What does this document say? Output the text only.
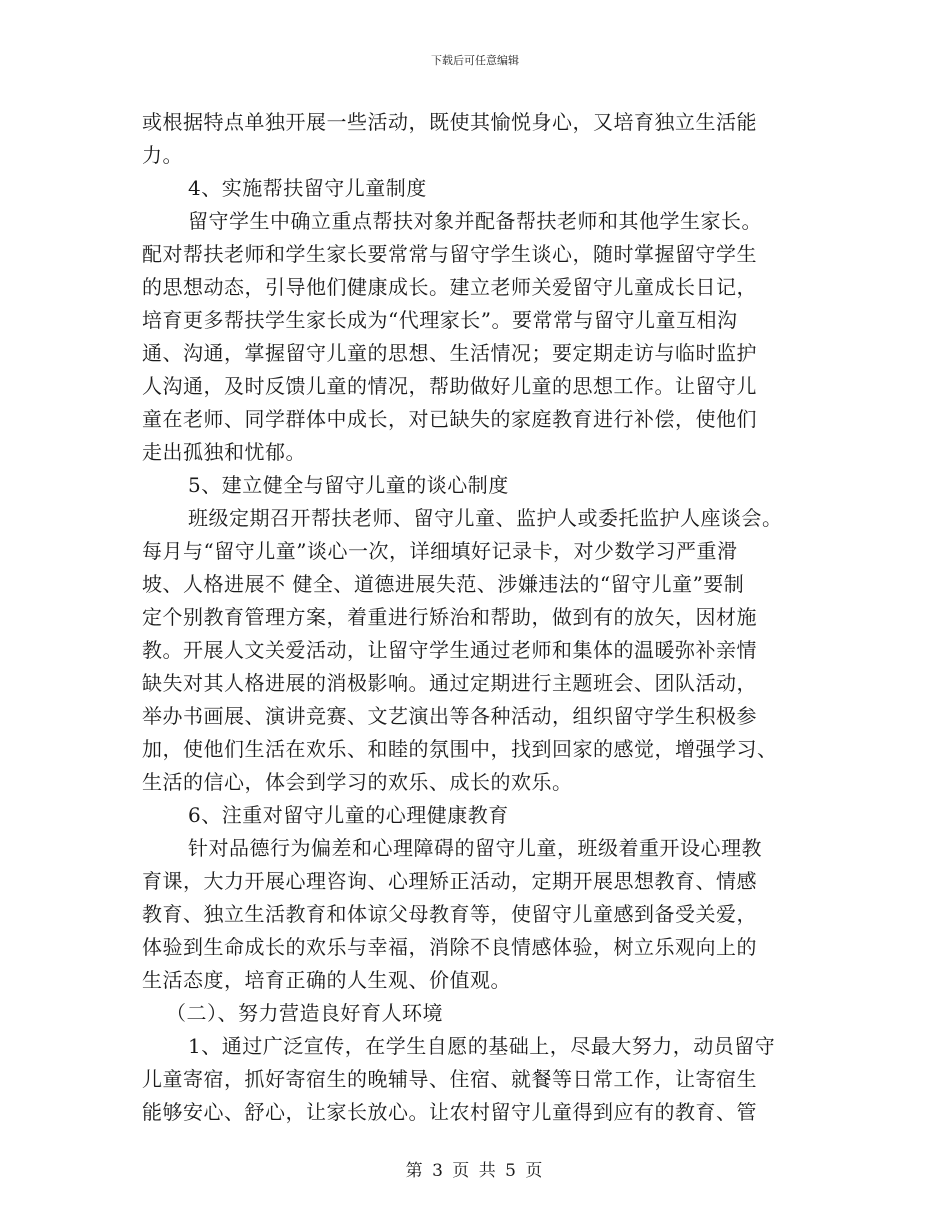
下载后可任意编辑
或根据特点单独开展一些活动，既使其愉悦身心，又培育独立生活能
力。
4、实施帮扶留守儿童制度
留守学生中确立重点帮扶对象并配备帮扶老师和其他学生家长。
配对帮扶老师和学生家长要常常与留守学生谈心，随时掌握留守学生
的思想动态，引导他们健康成长。建立老师关爱留守儿童成长日记，
培育更多帮扶学生家长成为“代理家长”。要常常与留守儿童互相沟
通、沟通，掌握留守儿童的思想、生活情况；要定期走访与临时监护
人沟通，及时反馈儿童的情况，帮助做好儿童的思想工作。让留守儿
童在老师、同学群体中成长，对已缺失的家庭教育进行补偿，使他们
走出孤独和忧郁。
5、建立健全与留守儿童的谈心制度
班级定期召开帮扶老师、留守儿童、监护人或委托监护人座谈会。
每月与“留守儿童”谈心一次，详细填好记录卡，对少数学习严重滑
坡、人格进展不 健全、道德进展失范、涉嫌违法的“留守儿童”要制
定个别教育管理方案，着重进行矫治和帮助，做到有的放矢，因材施
教。开展人文关爱活动，让留守学生通过老师和集体的温暖弥补亲情
缺失对其人格进展的消极影响。通过定期进行主题班会、团队活动，
举办书画展、演讲竞赛、文艺演出等各种活动，组织留守学生积极参
加，使他们生活在欢乐、和睦的氛围中，找到回家的感觉，增强学习、
生活的信心，体会到学习的欢乐、成长的欢乐。
6、注重对留守儿童的心理健康教育
针对品德行为偏差和心理障碍的留守儿童，班级着重开设心理教
育课，大力开展心理咨询、心理矫正活动，定期开展思想教育、情感
教育、独立生活教育和体谅父母教育等，使留守儿童感到备受关爱，
体验到生命成长的欢乐与幸福，消除不良情感体验，树立乐观向上的
生活态度，培育正确的人生观、价值观。
（二）、努力营造良好育人环境
1、通过广泛宣传，在学生自愿的基础上，尽最大努力，动员留守
儿童寄宿，抓好寄宿生的晚辅导、住宿、就餐等日常工作，让寄宿生
能够安心、舒心，让家长放心。让农村留守儿童得到应有的教育、管
第 3 页 共 5 页
